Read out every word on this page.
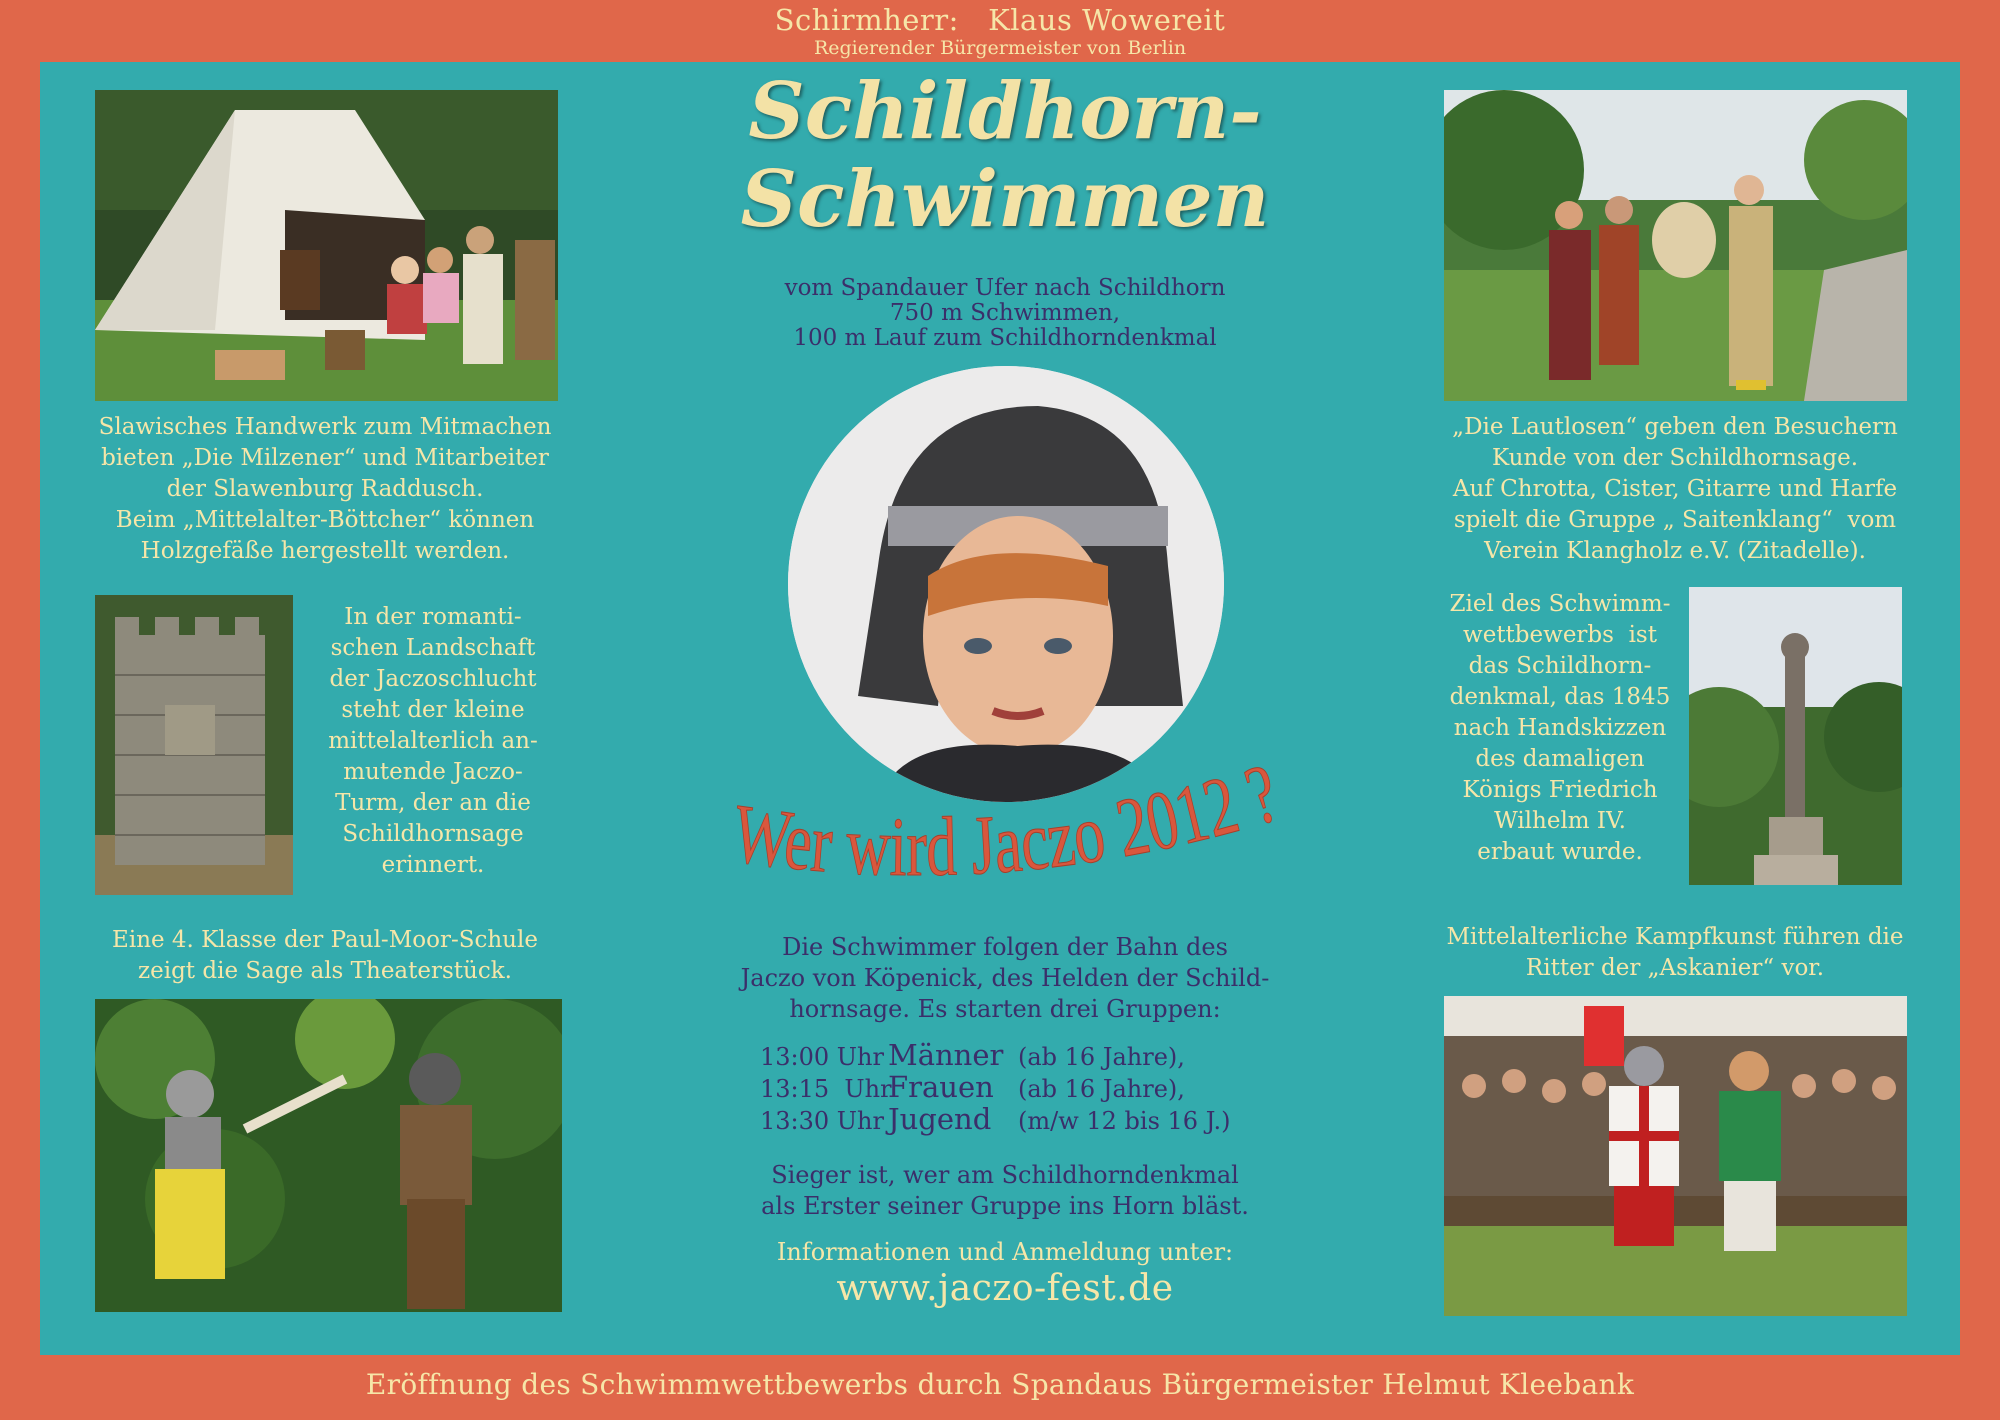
Schirmherr:   Klaus Wowereit
Regierender Bürgermeister von Berlin
Slawisches Handwerk zum Mitmachen
bieten „Die Milzener“ und Mitarbeiter
der Slawenburg Raddusch.
Beim „Mittelalter-Böttcher“ können
Holzgefäße hergestellt werden.
In der romanti-
schen Landschaft
der Jaczoschlucht
steht der kleine
mittelalterlich an-
mutende Jaczo-
Turm, der an die
Schildhornsage
erinnert.
Eine 4. Klasse der Paul-Moor-Schule
zeigt die Sage als Theaterstück.
Schildhorn-
Schwimmen
vom Spandauer Ufer nach Schildhorn
750 m Schwimmen,
100 m Lauf zum Schildhorndenkmal
Wer wird Jaczo 2012 ?
Die Schwimmer folgen der Bahn des
Jaczo von Köpenick, des Helden der Schild-
hornsage. Es starten drei Gruppen:
13:00 Uhr Männer (ab 16 Jahre),
13:15  Uhr
Frauen	(ab 16 Jahre),
13:30 Uhr Jugend	(m/w 12 bis 16 J.)
Sieger ist, wer am Schildhorndenkmal
als Erster seiner Gruppe ins Horn bläst.
Informationen und Anmeldung unter:
www.jaczo-fest.de
„Die Lautlosen“ geben den Besuchern
Kunde von der Schildhornsage.
Auf Chrotta, Cister, Gitarre und Harfe
spielt die Gruppe „ Saitenklang“  vom
Verein Klangholz e.V. (Zitadelle).
Ziel des Schwimm-
wettbewerbs  ist
das Schildhorn-
denkmal, das 1845
nach Handskizzen
des damaligen
Königs Friedrich
Wilhelm IV.
erbaut wurde.
Mittelalterliche Kampfkunst führen die
Ritter der „Askanier“ vor.
Eröffnung des Schwimmwettbewerbs durch Spandaus Bürgermeister Helmut Kleebank
